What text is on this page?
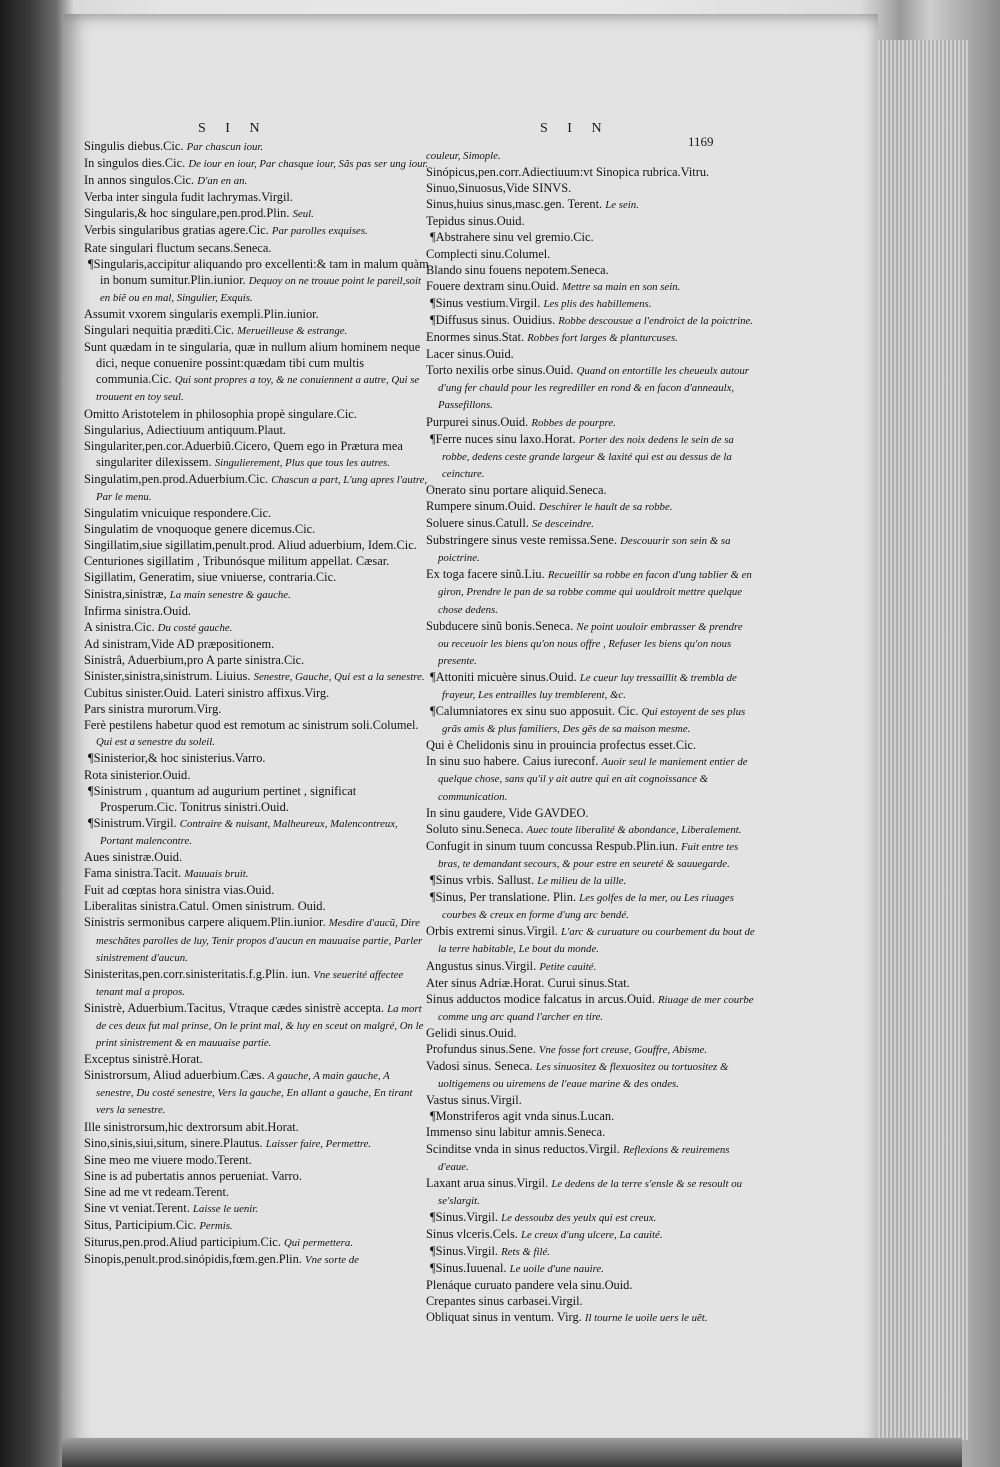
S I N	S I N
1169

Singulis diebus.Cic. Par chascun iour.

In singulos dies.Cic. De iour en iour, Par chasque iour, Sãs pas ser ung iour.

In annos singulos.Cic. D'an en an.

Verba inter singula fudit lachrymas.Virgil.

Singularis,& hoc singulare,pen.prod.Plin. Seul.

Verbis singularibus gratias agere.Cic. Par parolles exquises.

Rate singulari fluctum secans.Seneca.

¶Singularis,accipitur aliquando pro excellenti:& tam in malum quàm in bonum sumitur.Plin.iunior. Dequoy on ne trouue point le pareil,soit en biẽ ou en mal, Singulier, Exquis.

Assumit vxorem singularis exempli.Plin.iunior.

Singulari nequitia præditi.Cic. Merueilleuse & estrange.

Sunt quædam in te singularia, quæ in nullum alium hominem neque dici, neque conuenire possint:quædam tibi cum multis communia.Cic. Qui sont propres a toy, & ne conuiennent a autre, Qui se trouuent en toy seul.

Omitto Aristotelem in philosophia propè singulare.Cic.

Singularius, Adiectiuum antiquum.Plaut.

Singulariter,pen.cor.Aduerbiũ.Cicero, Quem ego in Prætura mea singulariter dilexissem. Singulierement, Plus que tous les autres.

Singulatim,pen.prod.Aduerbium.Cic. Chascun a part, L'ung apres l'autre, Par le menu.

Singulatim vnicuique respondere.Cic.

Singulatim de vnoquoque genere dicemus.Cic.

Singillatim,siue sigillatim,penult.prod. Aliud aduerbium, Idem.Cic.

Centuriones sigillatim , Tribunósque militum appellat. Cæsar.

Sigillatim, Generatim, siue vniuerse, contraria.Cic.

Sinistra,sinistræ, La main senestre & gauche.

Infirma sinistra.Ouid.

A sinistra.Cic. Du costé gauche.

Ad sinistram,Vide AD præpositionem.

Sinistrâ, Aduerbium,pro A parte sinistra.Cic.

Sinister,sinistra,sinistrum. Liuius. Senestre, Gauche, Qui est a la senestre.

Cubitus sinister.Ouid. Lateri sinistro affixus.Virg.

Pars sinistra murorum.Virg.

Ferè pestilens habetur quod est remotum ac sinistrum soli.Columel. Qui est a senestre du soleil.

¶Sinisterior,& hoc sinisterius.Varro.

Rota sinisterior.Ouid.

¶Sinistrum , quantum ad augurium pertinet , significat Prosperum.Cic. Tonitrus sinistri.Ouid.

¶Sinistrum.Virgil. Contraire & nuisant, Malheureux, Malencontreux, Portant malencontre.

Aues sinistræ.Ouid.

Fama sinistra.Tacit. Mauuais bruit.

Fuit ad cœptas hora sinistra vias.Ouid.

Liberalitas sinistra.Catul. Omen sinistrum. Ouid.

Sinistris sermonibus carpere aliquem.Plin.iunior. Mesdire d'aucũ, Dire meschãtes parolles de luy, Tenir propos d'aucun en mauuaise partie, Parler sinistrement d'aucun.

Sinisteritas,pen.corr.sinisteritatis.f.g.Plin. iun. Vne seuerité affectee tenant mal a propos.

Sinistrè, Aduerbium.Tacitus, Vtraque cædes sinistrè accepta. La mort de ces deux fut mal prinse, On le print mal, & luy en sceut on malgré, On le print sinistrement & en mauuaise partie.

Exceptus sinistrè.Horat.

Sinistrorsum, Aliud aduerbium.Cæs. A gauche, A main gauche, A senestre, Du costé senestre, Vers la gauche, En allant a gauche, En tirant vers la senestre.

Ille sinistrorsum,hic dextrorsum abit.Horat.

Sino,sinis,siui,situm, sinere.Plautus. Laisser faire, Permettre.

Sine meo me viuere modo.Terent.

Sine is ad pubertatis annos perueniat. Varro.

Sine ad me vt redeam.Terent.

Sine vt veniat.Terent. Laisse le uenir.

Situs, Participium.Cic. Permis.

Siturus,pen.prod.Aliud participium.Cic. Qui permettera.

Sinopis,penult.prod.sinópidis,fœm.gen.Plin. Vne sorte de

couleur, Simople.

Sinópicus,pen.corr.Adiectiuum:vt Sinopica rubrica.Vitru.

Sinuo,Sinuosus,Vide SINVS.

Sinus,huius sinus,masc.gen. Terent. Le sein.

Tepidus sinus.Ouid.

¶Abstrahere sinu vel gremio.Cic.

Complecti sinu.Columel.

Blando sinu fouens nepotem.Seneca.

Fouere dextram sinu.Ouid. Mettre sa main en son sein.

¶Sinus vestium.Virgil. Les plis des habillemens.

¶Diffusus sinus. Ouidius. Robbe descousue a l'endroict de la poictrine.

Enormes sinus.Stat. Robbes fort larges & planturcuses.

Lacer sinus.Ouid.

Torto nexilis orbe sinus.Ouid. Quand on entortille les cheueulx autour d'ung fer chauld pour les regrediller en rond & en facon d'anneaulx, Passefillons.

Purpurei sinus.Ouid. Robbes de pourpre.

¶Ferre nuces sinu laxo.Horat. Porter des noix dedens le sein de sa robbe, dedens ceste grande largeur & laxité qui est au dessus de la ceincture.

Onerato sinu portare aliquid.Seneca.

Rumpere sinum.Ouid. Deschirer le hault de sa robbe.

Soluere sinus.Catull. Se desceindre.

Substringere sinus veste remissa.Sene. Descouurir son sein & sa poictrine.

Ex toga facere sinũ.Liu. Recueillir sa robbe en facon d'ung tablier & en giron, Prendre le pan de sa robbe comme qui uouldroit mettre quelque chose dedens.

Subducere sinũ bonis.Seneca. Ne point uouloir embrasser & prendre ou receuoir les biens qu'on nous offre , Refuser les biens qu'on nous presente.

¶Attoniti micuère sinus.Ouid. Le cueur luy tressaillit & trembla de frayeur, Les entrailles luy tremblerent, &c.

¶Calumniatores ex sinu suo apposuit. Cic. Qui estoyent de ses plus grãs amis & plus familiers, Des gẽs de sa maison mesme.

Qui è Chelidonis sinu in prouincia profectus esset.Cic.

In sinu suo habere. Caius iureconf. Auoir seul le maniement entier de quelque chose, sans qu'il y ait autre qui en ait cognoissance & communication.

In sinu gaudere, Vide GAVDEO.

Soluto sinu.Seneca. Auec toute liberalité & abondance, Liberalement.

Confugit in sinum tuum concussa Respub.Plin.iun. Fuit entre tes bras, te demandant secours, & pour estre en seureté & sauuegarde.

¶Sinus vrbis. Sallust. Le milieu de la uille.

¶Sinus, Per translatione. Plin. Les golfes de la mer, ou Les riuages courbes & creux en forme d'ung arc bendé.

Orbis extremi sinus.Virgil. L'arc & curuature ou courbement du bout de la terre habitable, Le bout du monde.

Angustus sinus.Virgil. Petite cauité.

Ater sinus Adriæ.Horat. Curui sinus.Stat.

Sinus adductos modice falcatus in arcus.Ouid. Riuage de mer courbe comme ung arc quand l'archer en tire.

Gelidi sinus.Ouid.

Profundus sinus.Sene. Vne fosse fort creuse, Gouffre, Abisme.

Vadosi sinus. Seneca. Les sinuositez & flexuositez ou tortuositez & uoltigemens ou uiremens de l'eaue marine & des ondes.

Vastus sinus.Virgil.

¶Monstriferos agit vnda sinus.Lucan.

Immenso sinu labitur amnis.Seneca.

Scinditse vnda in sinus reductos.Virgil. Reflexions & reuiremens d'eaue.

Laxant arua sinus.Virgil. Le dedens de la terre s'ensle & se resoult ou se'slargit.

¶Sinus.Virgil. Le dessoubz des yeulx qui est creux.

Sinus vlceris.Cels. Le creux d'ung ulcere, La cauité.

¶Sinus.Virgil. Rets & filé.

¶Sinus.Iuuenal. Le uoile d'une nauire.

Plenáque curuato pandere vela sinu.Ouid.

Crepantes sinus carbasei.Virgil.

Obliquat sinus in ventum. Virg. Il tourne le uoile uers le uẽt.
